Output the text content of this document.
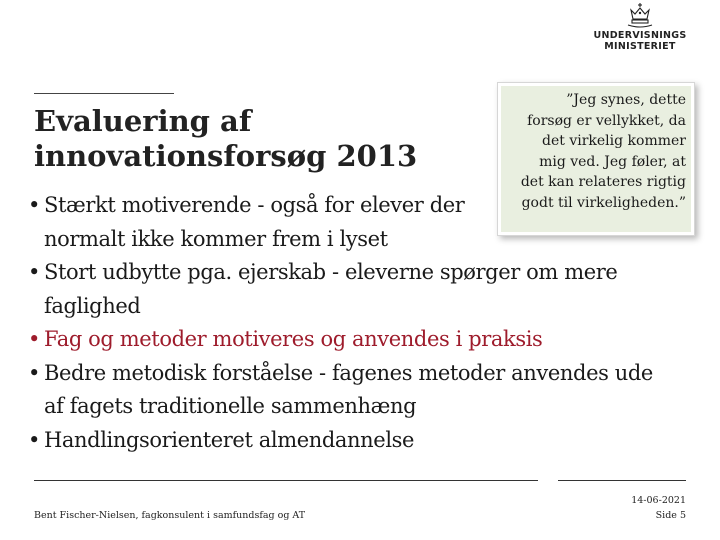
UNDERVISNINGS
MINISTERIET
Evaluering af
innovationsforsøg 2013
• Stærkt motiverende - også for elever der
normalt ikke kommer frem i lyset
• Stort udbytte pga. ejerskab - eleverne spørger om mere
faglighed
• Fag og metoder motiveres og anvendes i praksis
• Bedre metodisk forståelse - fagenes metoder anvendes ude
af fagets traditionelle sammenhæng
• Handlingsorienteret almendannelse
”Jeg synes, dette
forsøg er vellykket, da
det virkelig kommer
mig ved. Jeg føler, at
det kan relateres rigtig
godt til virkeligheden.”
Bent Fischer-Nielsen, fagkonsulent i samfundsfag og AT
14-06-2021
Side 5
